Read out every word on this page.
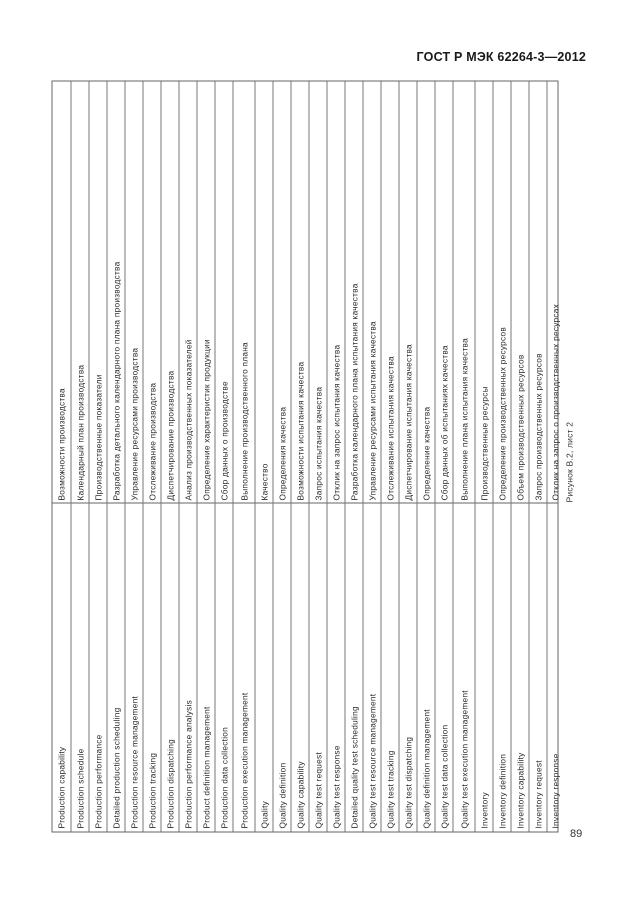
ГОСТ Р МЭК 62264-3—2012
Production capability
Возможности производства
Production schedule
Календарный план производства
Production performance
Производственные показатели
Detailed production scheduling
Разработка детального календарного плана производства
Production resource management
Управление ресурсами производства
Production tracking
Отслеживание производства
Production dispatching
Диспетчирование производства
Production performance analysis
Анализ производственных показателей
Product definition management
Определение характеристик продукции
Production data collection
Сбор данных о производстве
Production execution management
Выполнение производственного плана
Quality
Качество
Quality definition
Определения качества
Quality capability
Возможности испытания качества
Quality test request
Запрос испытания качества
Quality test response
Отклик на запрос испытания качества
Detailed quality test scheduling
Разработка календарного плана испытания качества
Quality test resource management
Управление ресурсами испытания качества
Quality test tracking
Отслеживание испытания качества
Quality test dispatching
Диспетчирование испытания качества
Quality definition management
Определение качества
Quality test data collection
Сбор данных об испытаниях качества
Quality test execution management
Выполнение плана испытания качества
Inventory
Производственные ресурсы
Inventory definition
Определение производственных ресурсов
Inventory capability
Объем производственных ресурсов
Inventory request
Запрос производственных ресурсов
Inventory response
Отклик на запрос о производственных ресурсах Рисунок B.2, лист 2
89
